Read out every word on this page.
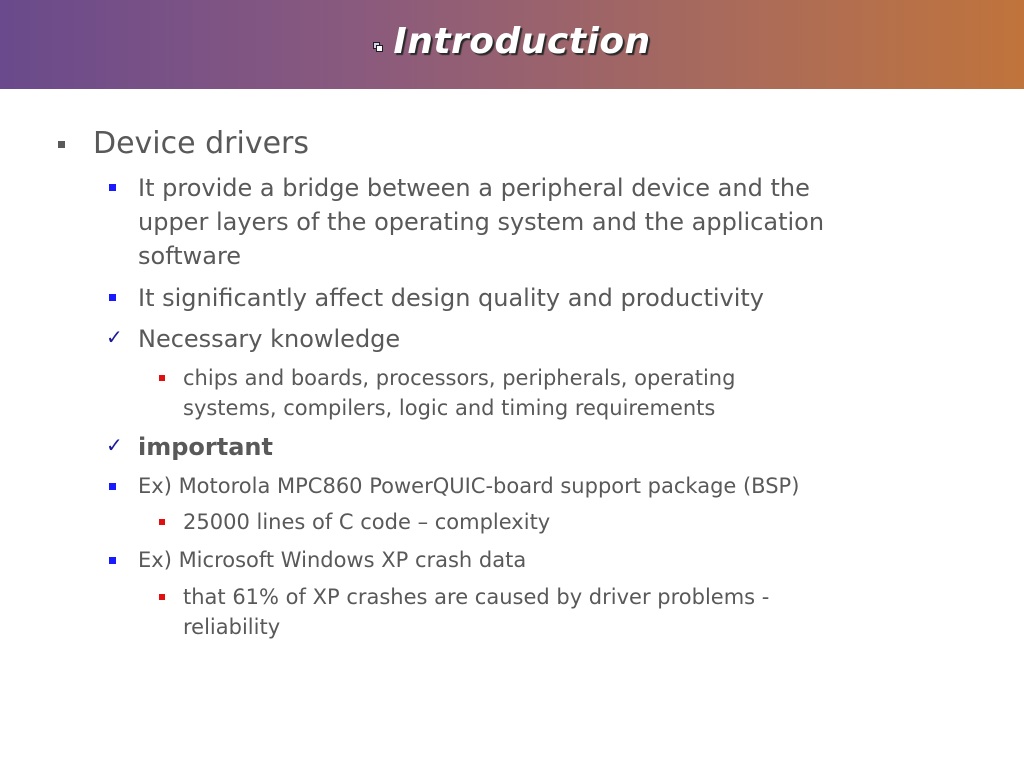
Introduction
Device drivers
It provide a bridge between a peripheral device and the
upper layers of the operating system and the application
software
It significantly affect design quality and productivity
✓ Necessary knowledge
chips and boards, processors, peripherals, operating
systems, compilers, logic and timing requirements
✓ important
Ex) Motorola MPC860 PowerQUIC-board support package (BSP)
25000 lines of C code – complexity
Ex) Microsoft Windows XP crash data
that 61% of XP crashes are caused by driver problems -
reliability
